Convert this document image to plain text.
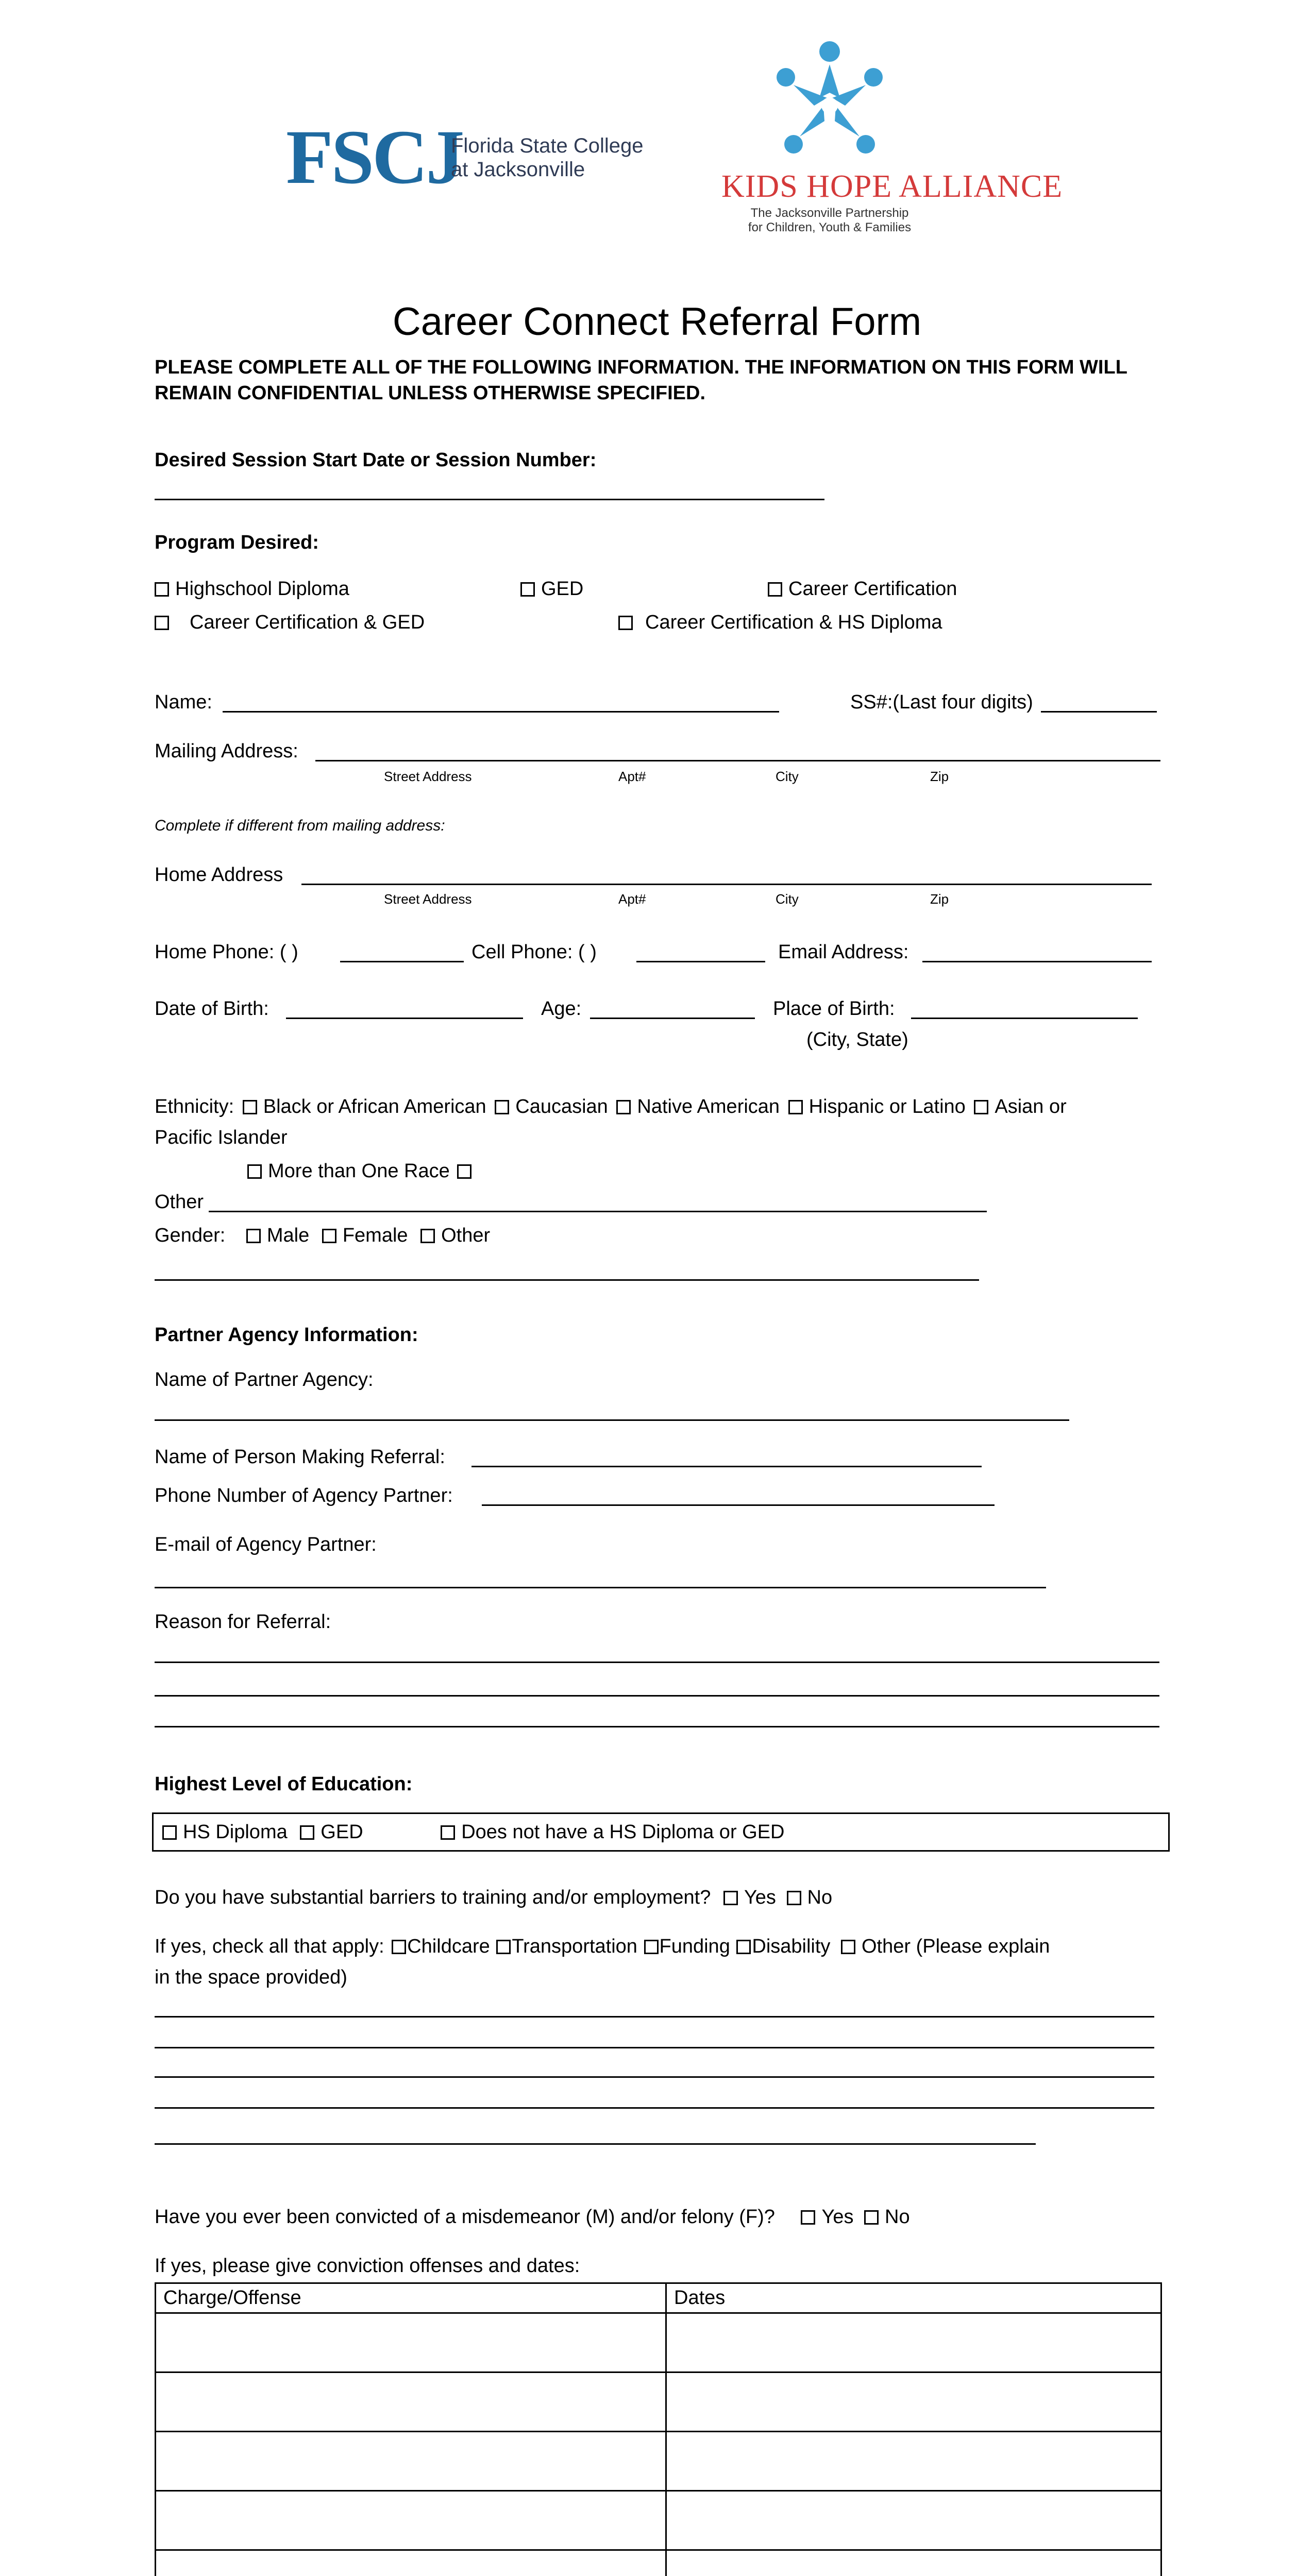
FSCJ
Florida State College
at Jacksonville	KIDS HOPE ALLIANCE
The Jacksonville Partnership
for Children, Youth & Families
Career Connect Referral Form
PLEASE COMPLETE ALL OF THE FOLLOWING INFORMATION. THE INFORMATION ON THIS FORM WILL
REMAIN CONFIDENTIAL UNLESS OTHERWISE SPECIFIED.
Desired Session Start Date or Session Number:
Program Desired:
Highschool Diploma	GED	Career Certification
Career Certification & GED	Career Certification & HS Diploma
Name:	SS#:(Last four digits)
Mailing Address:
Street Address	Apt#	City	Zip
Complete if different from mailing address:
Home Address
Street Address	Apt#	City	Zip
Home Phone: ( )	Cell Phone: ( )	Email Address:
Date of Birth:	Age:	Place of Birth:
(City, State)
Ethnicity: Black or African American Caucasian Native American Hispanic or Latino Asian or
Pacific Islander
More than One Race
Other
Gender: Male Female Other
Partner Agency Information:
Name of Partner Agency:
Name of Person Making Referral:
Phone Number of Agency Partner:
E-mail of Agency Partner:
Reason for Referral:
Highest Level of Education:
HS Diploma GED	Does not have a HS Diploma or GED
Do you have substantial barriers to training and/or employment? Yes No
If yes, check all that apply: Childcare Transportation Funding Disability Other (Please explain
in the space provided)
Have you ever been convicted of a misdemeanor (M) and/or felony (F)? Yes No
If yes, please give conviction offenses and dates:
Charge/Offense	Dates
